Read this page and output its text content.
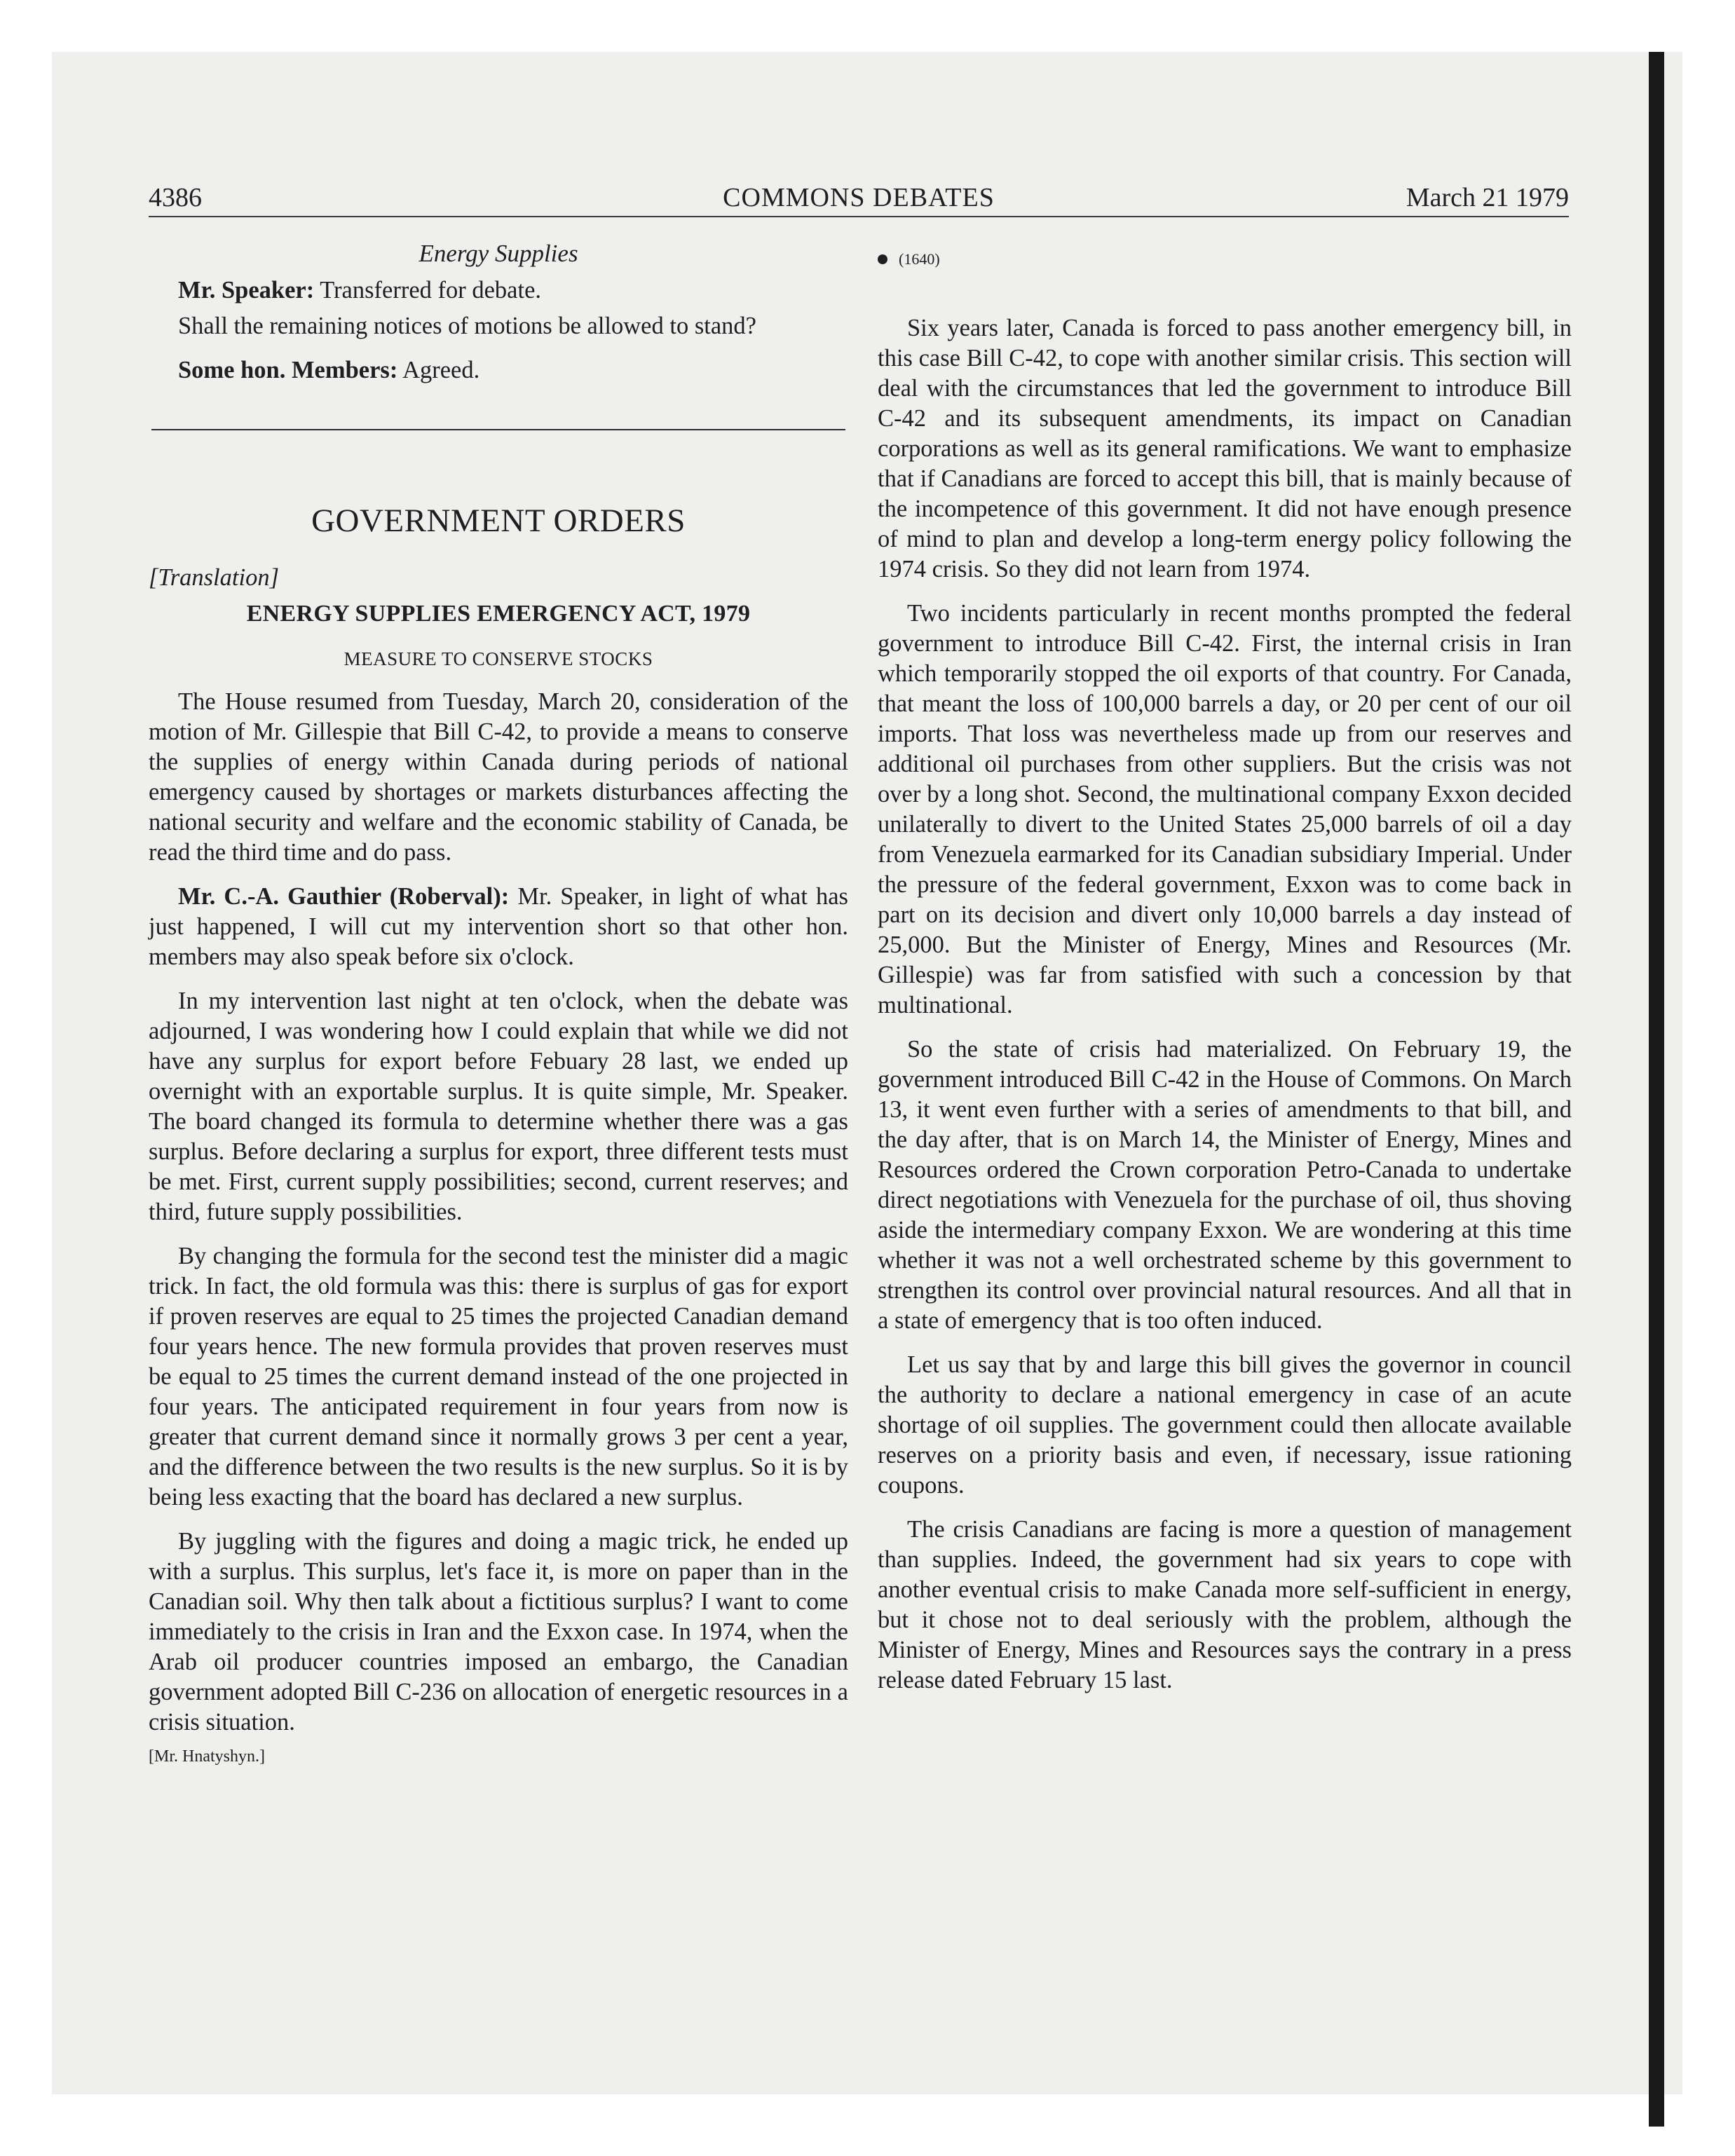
4386	COMMONS DEBATES	March 21 1979
Energy Supplies
Mr. Speaker: Transferred for debate.
Shall the remaining notices of motions be allowed to stand?
Some hon. Members: Agreed.
GOVERNMENT ORDERS
[Translation]
ENERGY SUPPLIES EMERGENCY ACT, 1979
MEASURE TO CONSERVE STOCKS

The House resumed from Tuesday, March 20, consideration of the motion of Mr. Gillespie that Bill C-42, to provide a means to conserve the supplies of energy within Canada during periods of national emergency caused by shortages or markets disturbances affecting the national security and welfare and the economic stability of Canada, be read the third time and do pass.

Mr. C.-A. Gauthier (Roberval): Mr. Speaker, in light of what has just happened, I will cut my intervention short so that other hon. members may also speak before six o'clock.

In my intervention last night at ten o'clock, when the debate was adjourned, I was wondering how I could explain that while we did not have any surplus for export before Febuary 28 last, we ended up overnight with an exportable surplus. It is quite simple, Mr. Speaker. The board changed its formula to determine whether there was a gas surplus. Before declaring a surplus for export, three different tests must be met. First, current supply possibilities; second, current reserves; and third, future supply possibilities.

By changing the formula for the second test the minister did a magic trick. In fact, the old formula was this: there is surplus of gas for export if proven reserves are equal to 25 times the projected Canadian demand four years hence. The new formula provides that proven reserves must be equal to 25 times the current demand instead of the one projected in four years. The anticipated requirement in four years from now is greater that current demand since it normally grows 3 per cent a year, and the difference between the two results is the new surplus. So it is by being less exacting that the board has declared a new surplus.

By juggling with the figures and doing a magic trick, he ended up with a surplus. This surplus, let's face it, is more on paper than in the Canadian soil. Why then talk about a fictitious surplus? I want to come immediately to the crisis in Iran and the Exxon case. In 1974, when the Arab oil producer countries imposed an embargo, the Canadian government adopted Bill C-236 on allocation of energetic resources in a crisis situation.

[Mr. Hnatyshyn.]
(1640)

Six years later, Canada is forced to pass another emergency bill, in this case Bill C-42, to cope with another similar crisis. This section will deal with the circumstances that led the government to introduce Bill C-42 and its subsequent amendments, its impact on Canadian corporations as well as its general ramifications. We want to emphasize that if Canadians are forced to accept this bill, that is mainly because of the incompetence of this government. It did not have enough presence of mind to plan and develop a long-term energy policy following the 1974 crisis. So they did not learn from 1974.

Two incidents particularly in recent months prompted the federal government to introduce Bill C-42. First, the internal crisis in Iran which temporarily stopped the oil exports of that country. For Canada, that meant the loss of 100,000 barrels a day, or 20 per cent of our oil imports. That loss was nevertheless made up from our reserves and additional oil purchases from other suppliers. But the crisis was not over by a long shot. Second, the multinational company Exxon decided unilaterally to divert to the United States 25,000 barrels of oil a day from Venezuela earmarked for its Canadian subsidiary Imperial. Under the pressure of the federal government, Exxon was to come back in part on its decision and divert only 10,000 barrels a day instead of 25,000. But the Minister of Energy, Mines and Resources (Mr. Gillespie) was far from satisfied with such a concession by that multinational.

So the state of crisis had materialized. On February 19, the government introduced Bill C-42 in the House of Commons. On March 13, it went even further with a series of amendments to that bill, and the day after, that is on March 14, the Minister of Energy, Mines and Resources ordered the Crown corporation Petro-Canada to undertake direct negotiations with Venezuela for the purchase of oil, thus shoving aside the intermediary company Exxon. We are wondering at this time whether it was not a well orchestrated scheme by this government to strengthen its control over provincial natural resources. And all that in a state of emergency that is too often induced.

Let us say that by and large this bill gives the governor in council the authority to declare a national emergency in case of an acute shortage of oil supplies. The government could then allocate available reserves on a priority basis and even, if necessary, issue rationing coupons.

The crisis Canadians are facing is more a question of management than supplies. Indeed, the government had six years to cope with another eventual crisis to make Canada more self-sufficient in energy, but it chose not to deal seriously with the problem, although the Minister of Energy, Mines and Resources says the contrary in a press release dated February 15 last.
